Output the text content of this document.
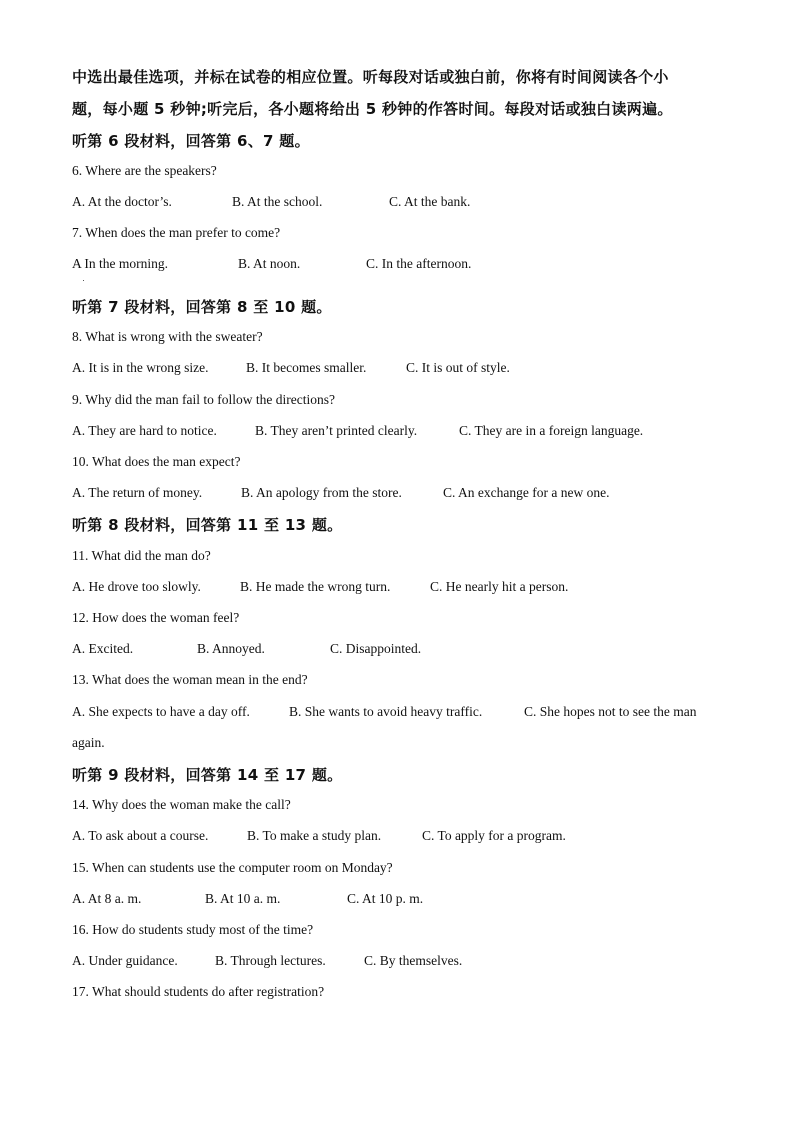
中选出最佳选项，并标在试卷的相应位置。听每段对话或独白前，你将有时间阅读各个小
题，每小题 5 秒钟;听完后，各小题将给出 5 秒钟的作答时间。每段对话或独白读两遍。
听第 6 段材料，回答第 6、7 题。
6. Where are the speakers?
A. At the doctor’s.	B. At the school.	C. At the bank.
7. When does the man prefer to come?
A In the morning.	B. At noon.	C. In the afternoon.
听第 7 段材料，回答第 8 至 10 题。
8. What is wrong with the sweater?
A. It is in the wrong size.	B. It becomes smaller.	C. It is out of style.
9. Why did the man fail to follow the directions?
A. They are hard to notice.	B. They aren’t printed clearly.	C. They are in a foreign language.
10. What does the man expect?
A. The return of money.	B. An apology from the store.	C. An exchange for a new one.
听第 8 段材料，回答第 11 至 13 题。
11. What did the man do?
A. He drove too slowly.	B. He made the wrong turn.	C. He nearly hit a person.
12. How does the woman feel?
A. Excited.	B. Annoyed.	C. Disappointed.
13. What does the woman mean in the end?
A. She expects to have a day off.	B. She wants to avoid heavy traffic.	C. She hopes not to see the man
again.
听第 9 段材料，回答第 14 至 17 题。
14. Why does the woman make the call?
A. To ask about a course.	B. To make a study plan.	C. To apply for a program.
15. When can students use the computer room on Monday?
A. At 8 a. m.	B. At 10 a. m.	C. At 10 p. m.
16. How do students study most of the time?
A. Under guidance.	B. Through lectures.	C. By themselves.
17. What should students do after registration?
